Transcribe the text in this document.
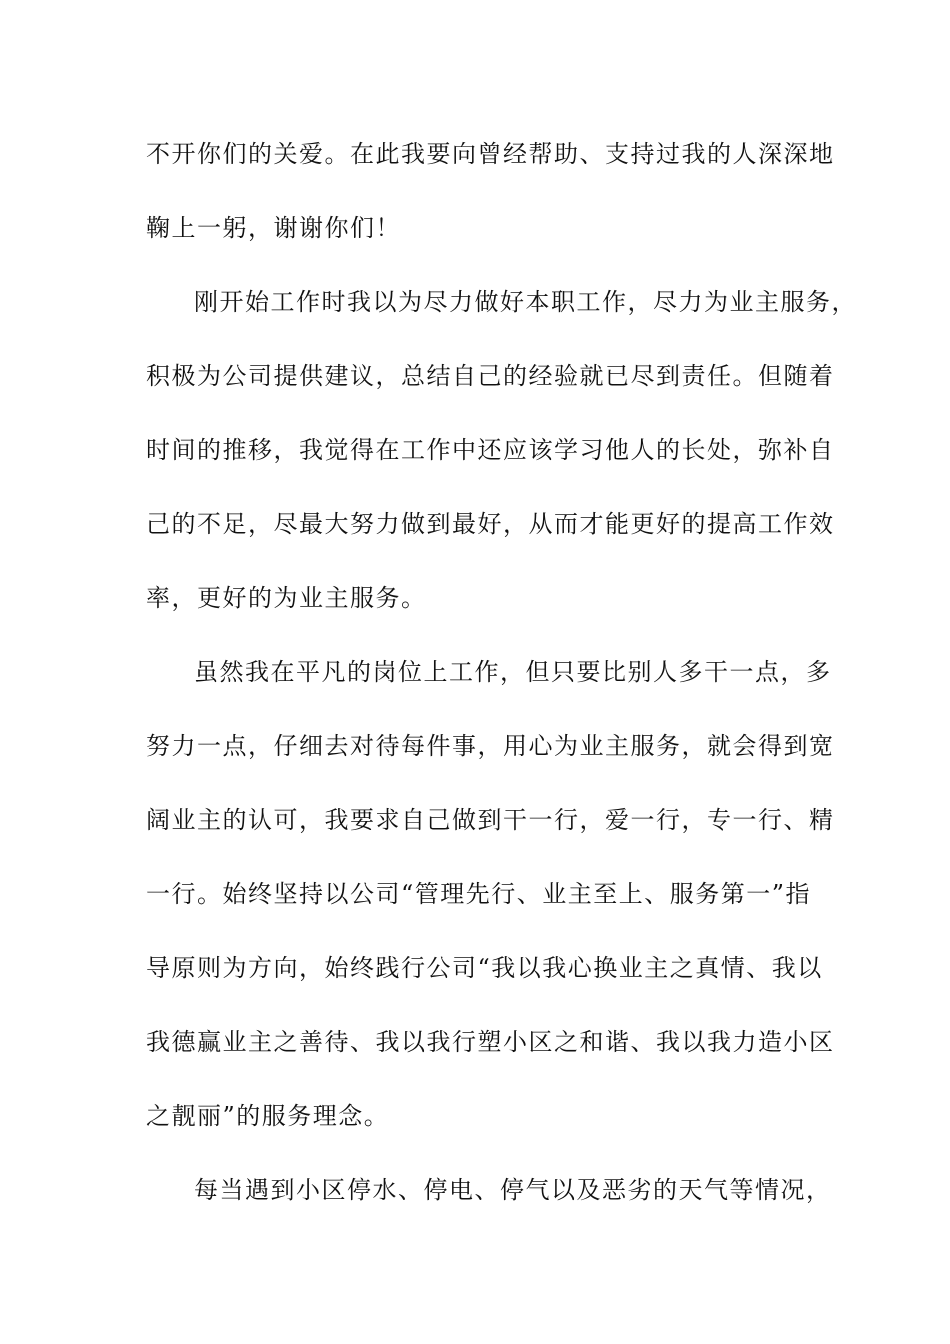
不开你们的关爱。在此我要向曾经帮助、支持过我的人深深地
鞠上一躬，谢谢你们！
刚开始工作时我以为尽力做好本职工作，尽力为业主服务，
积极为公司提供建议，总结自己的经验就已尽到责任。但随着
时间的推移，我觉得在工作中还应该学习他人的长处，弥补自
己的不足，尽最大努力做到最好，从而才能更好的提高工作效
率，更好的为业主服务。
虽然我在平凡的岗位上工作，但只要比别人多干一点，多
努力一点，仔细去对待每件事，用心为业主服务，就会得到宽
阔业主的认可，我要求自己做到干一行，爱一行，专一行、精
一行。始终坚持以公司“管理先行、业主至上、服务第一”指
导原则为方向，始终践行公司“我以我心换业主之真情、我以
我德赢业主之善待、我以我行塑小区之和谐、我以我力造小区
之靓丽”的服务理念。
每当遇到小区停水、停电、停气以及恶劣的天气等情况，
